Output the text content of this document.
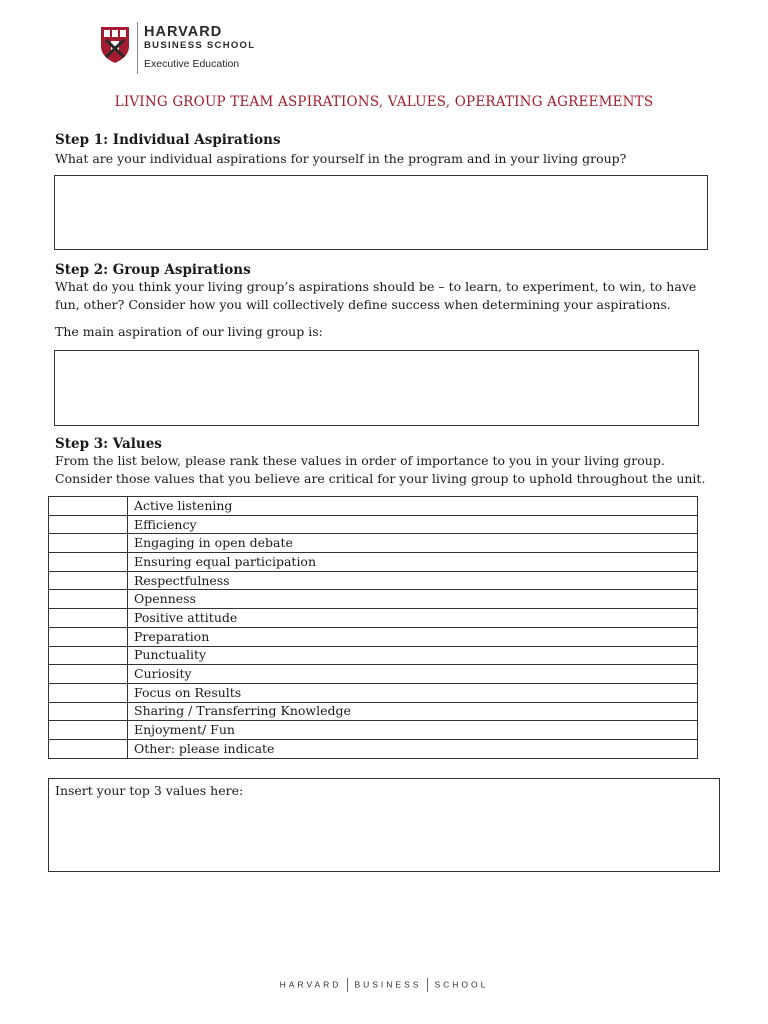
HARVARD
BUSINESS SCHOOL
Executive Education
LIVING GROUP TEAM ASPIRATIONS, VALUES, OPERATING AGREEMENTS
Step 1: Individual Aspirations
What are your individual aspirations for yourself in the program and in your living group?
Step 2: Group Aspirations
What do you think your living group’s aspirations should be – to learn, to experiment, to win, to have
fun, other? Consider how you will collectively define success when determining your aspirations.
The main aspiration of our living group is:
Step 3: Values
From the list below, please rank these values in order of importance to you in your living group.
Consider those values that you believe are critical for your living group to uphold throughout the unit.
	Active listening
	Efficiency
	Engaging in open debate
	Ensuring equal participation
	Respectfulness
	Openness
	Positive attitude
	Preparation
	Punctuality
	Curiosity
	Focus on Results
	Sharing / Transferring Knowledge
	Enjoyment/ Fun
	Other: please indicate
Insert your top 3 values here:
HARVARD BUSINESS SCHOOL
